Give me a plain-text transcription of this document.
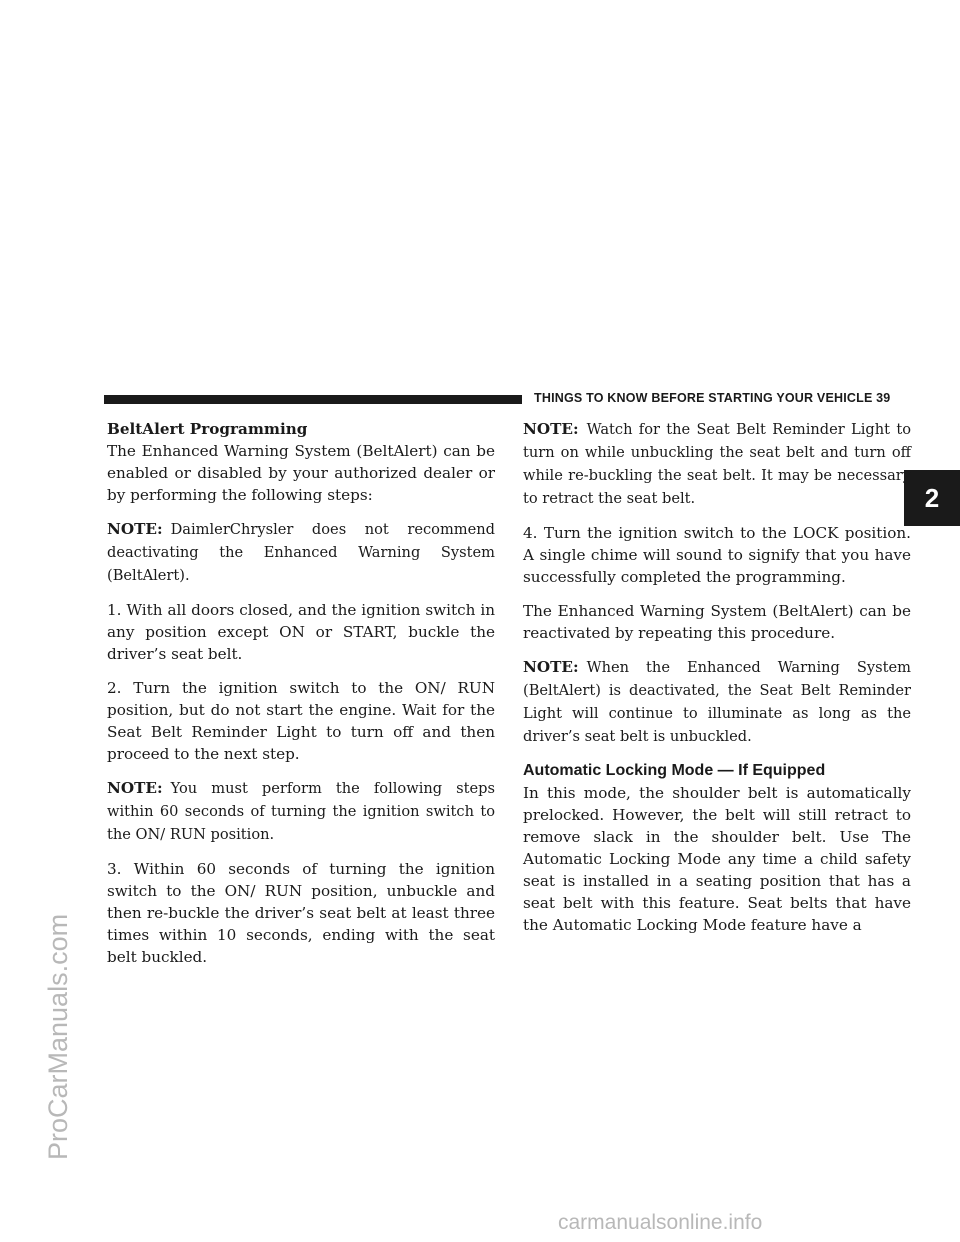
THINGS TO KNOW BEFORE STARTING YOUR VEHICLE 39
2
BeltAlert Programming

The Enhanced Warning System (BeltAlert) can be enabled or disabled by your authorized dealer or by performing the following steps:

NOTE: DaimlerChrysler does not recommend deactivating the Enhanced Warning System (BeltAlert).

1. With all doors closed, and the ignition switch in any position except ON or START, buckle the driver’s seat belt.

2. Turn the ignition switch to the ON/ RUN position, but do not start the engine. Wait for the Seat Belt Reminder Light to turn off and then proceed to the next step.

NOTE: You must perform the following steps within 60 seconds of turning the ignition switch to the ON/ RUN position.

3. Within 60 seconds of turning the ignition switch to the ON/ RUN position, unbuckle and then re-buckle the driver’s seat belt at least three times within 10 seconds, ending with the seat belt buckled.

NOTE: Watch for the Seat Belt Reminder Light to turn on while unbuckling the seat belt and turn off while re-buckling the seat belt. It may be necessary to retract the seat belt.

4. Turn the ignition switch to the LOCK position. A single chime will sound to signify that you have successfully completed the programming.

The Enhanced Warning System (BeltAlert) can be reactivated by repeating this procedure.

NOTE: When the Enhanced Warning System (BeltAlert) is deactivated, the Seat Belt Reminder Light will continue to illuminate as long as the driver’s seat belt is unbuckled.

Automatic Locking Mode — If Equipped

In this mode, the shoulder belt is automatically prelocked. However, the belt will still retract to remove slack in the shoulder belt. Use The Automatic Locking Mode any time a child safety seat is installed in a seating position that has a seat belt with this feature. Seat belts that have the Automatic Locking Mode feature have a

ProCarManuals.com
carmanualsonline.info
